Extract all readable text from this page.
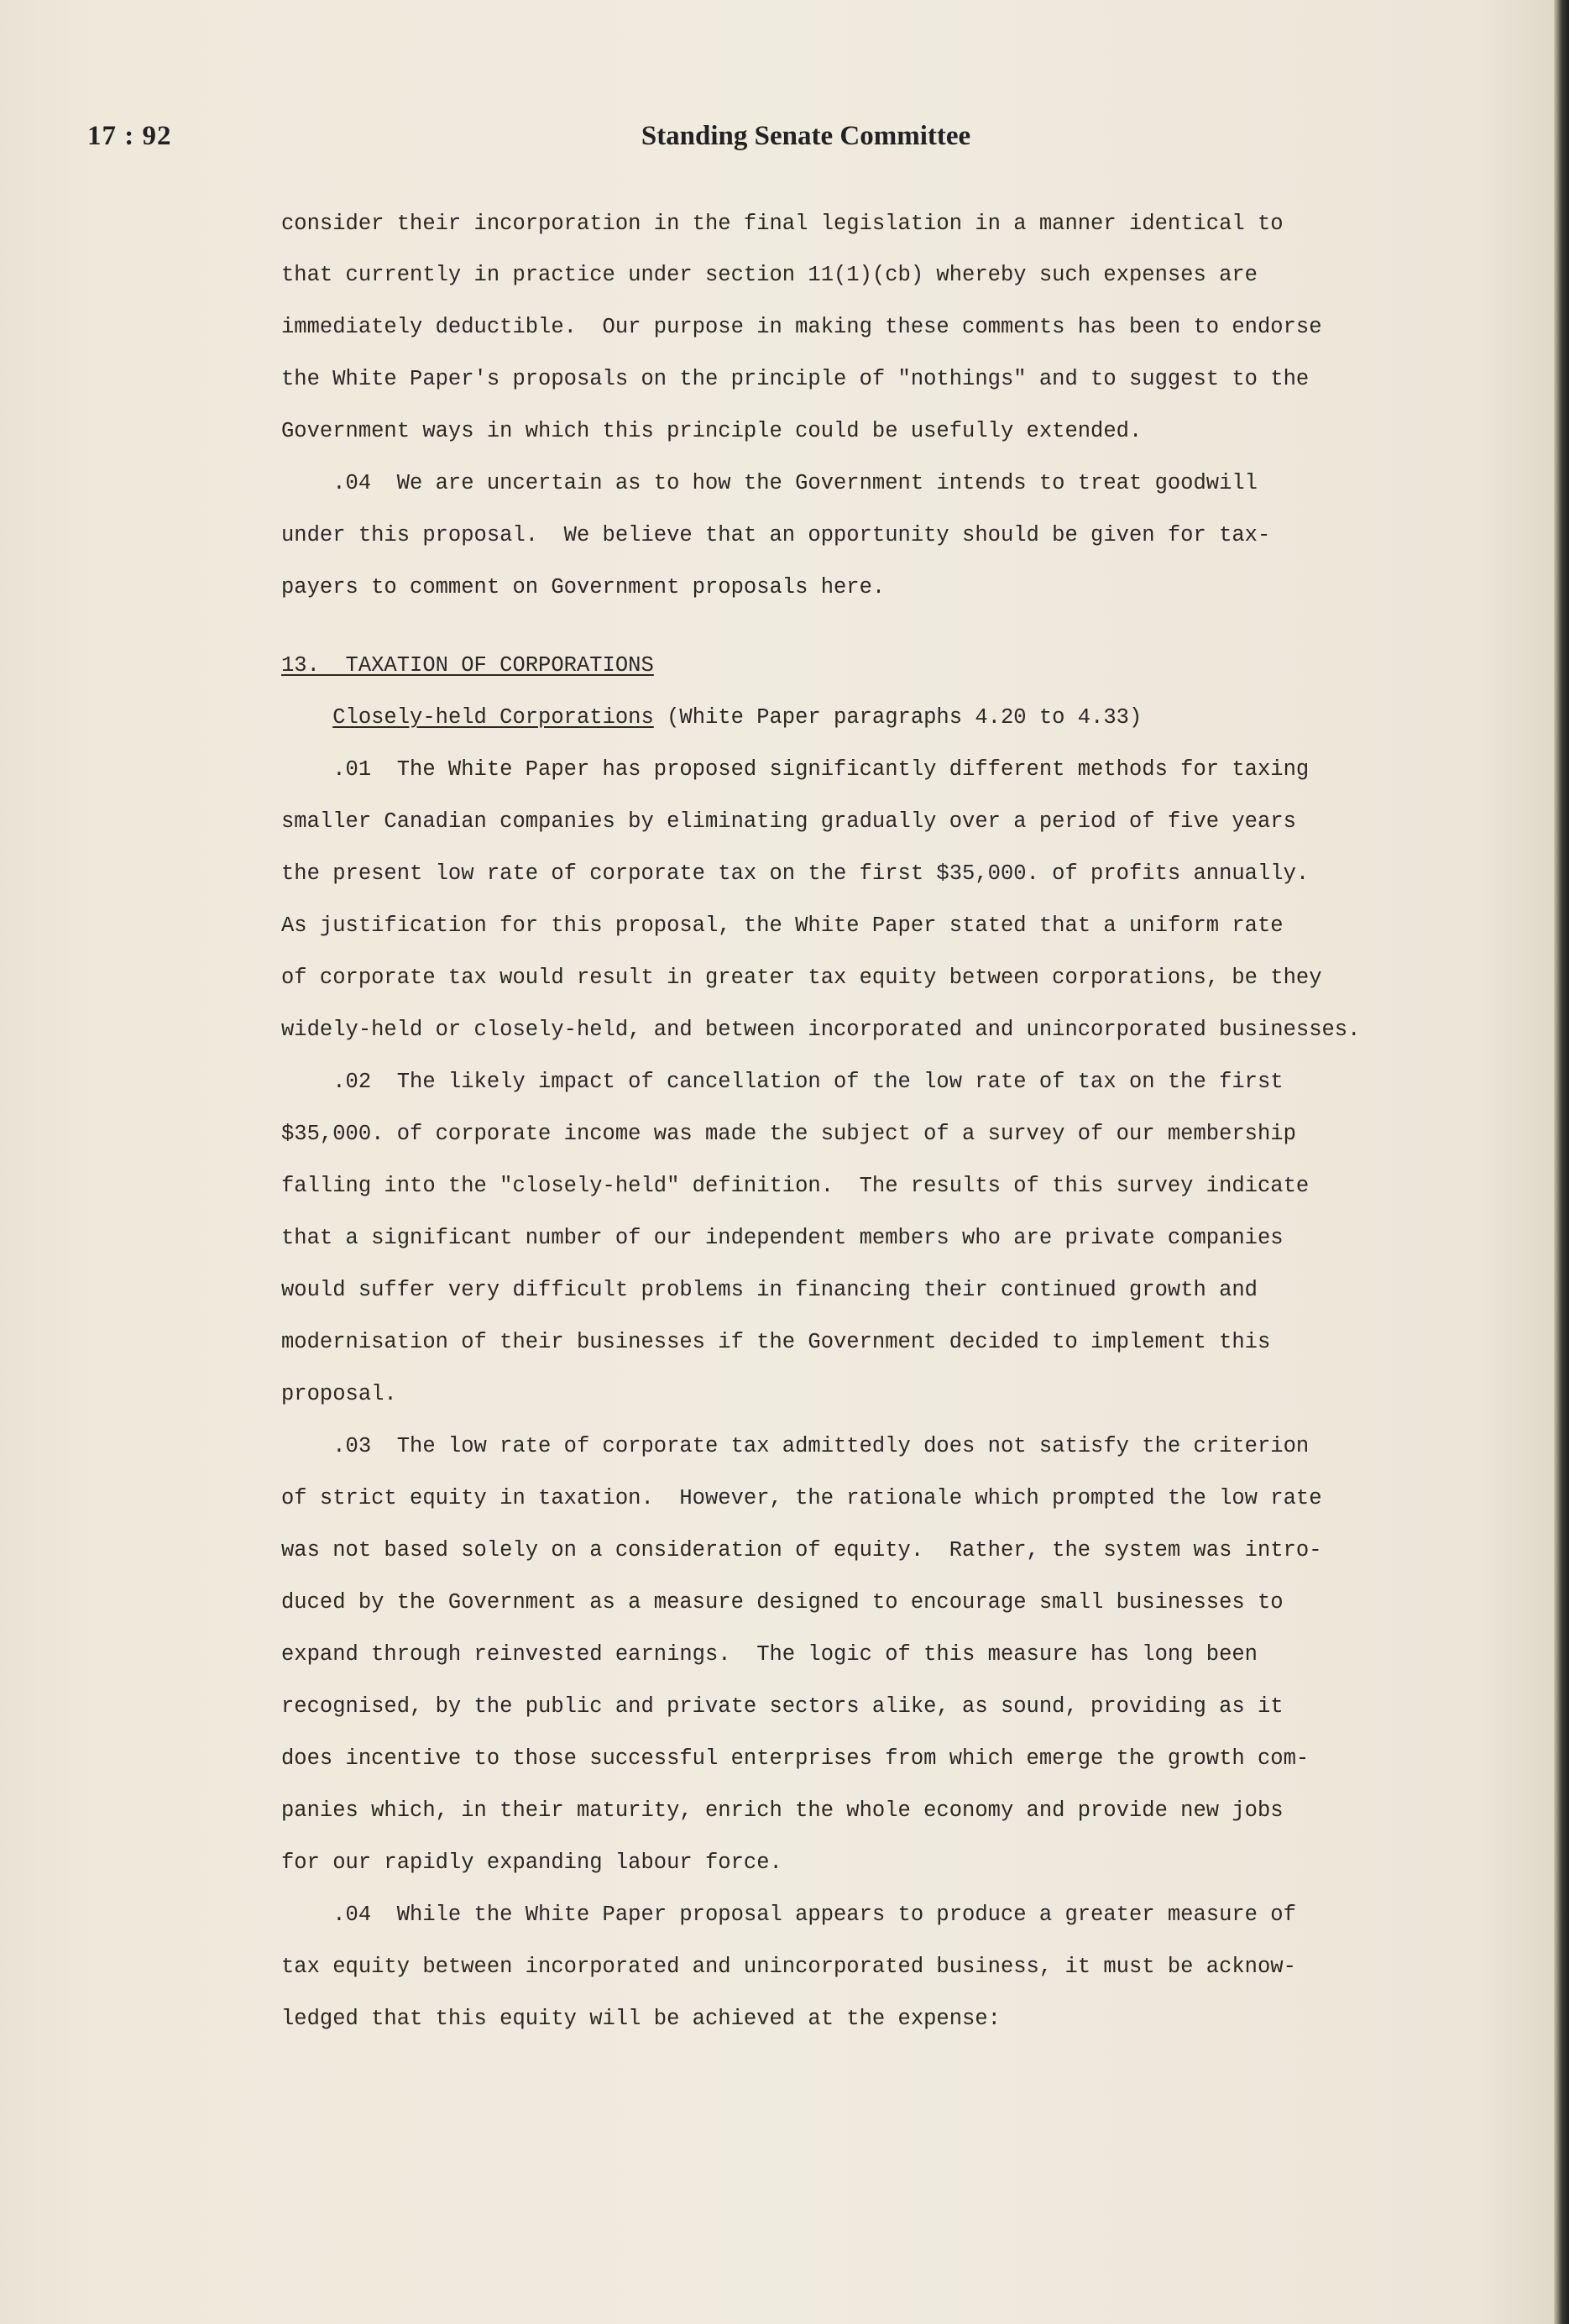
17 : 92	Standing Senate Committee

consider their incorporation in the final legislation in a manner identical to

that currently in practice under section 11(1)(cb) whereby such expenses are

immediately deductible.  Our purpose in making these comments has been to endorse

the White Paper's proposals on the principle of "nothings" and to suggest to the

Government ways in which this principle could be usefully extended.

.04  We are uncertain as to how the Government intends to treat goodwill

under this proposal.  We believe that an opportunity should be given for tax-

payers to comment on Government proposals here.

13.  TAXATION OF CORPORATIONS

Closely-held Corporations (White Paper paragraphs 4.20 to 4.33)

.01  The White Paper has proposed significantly different methods for taxing

smaller Canadian companies by eliminating gradually over a period of five years

the present low rate of corporate tax on the first $35,000. of profits annually.

As justification for this proposal, the White Paper stated that a uniform rate

of corporate tax would result in greater tax equity between corporations, be they

widely-held or closely-held, and between incorporated and unincorporated businesses.

.02  The likely impact of cancellation of the low rate of tax on the first

$35,000. of corporate income was made the subject of a survey of our membership

falling into the "closely-held" definition.  The results of this survey indicate

that a significant number of our independent members who are private companies

would suffer very difficult problems in financing their continued growth and

modernisation of their businesses if the Government decided to implement this

proposal.

.03  The low rate of corporate tax admittedly does not satisfy the criterion

of strict equity in taxation.  However, the rationale which prompted the low rate

was not based solely on a consideration of equity.  Rather, the system was intro-

duced by the Government as a measure designed to encourage small businesses to

expand through reinvested earnings.  The logic of this measure has long been

recognised, by the public and private sectors alike, as sound, providing as it

does incentive to those successful enterprises from which emerge the growth com-

panies which, in their maturity, enrich the whole economy and provide new jobs

for our rapidly expanding labour force.

.04  While the White Paper proposal appears to produce a greater measure of

tax equity between incorporated and unincorporated business, it must be acknow-

ledged that this equity will be achieved at the expense:
